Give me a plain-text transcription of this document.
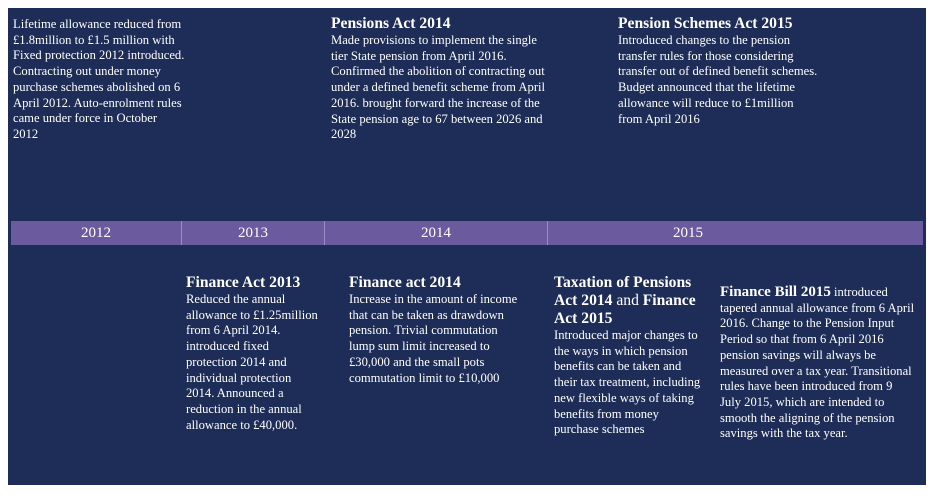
Lifetime allowance reduced from £1.8million to £1.5 million with Fixed protection 2012 introduced. Contracting out under money purchase schemes abolished on 6 April 2012. Auto-enrolment rules came under force in October 2012
Pensions Act 2014
Made provisions to implement the single tier State pension from April 2016. Confirmed the abolition of contracting out under a defined benefit scheme from April 2016. brought forward the increase of the State pension age to 67 between 2026 and 2028
Pension Schemes Act 2015
Introduced changes to the pension transfer rules for those considering transfer out of defined benefit schemes. Budget announced that the lifetime allowance will reduce to £1million from April 2016
2012	2013	2014	2015
Finance Act 2013
Reduced the annual allowance to £1.25million from 6 April 2014. introduced fixed protection 2014 and individual protection 2014. Announced a reduction in the annual allowance to £40,000.
Finance act 2014
Increase in the amount of income that can be taken as drawdown pension. Trivial commutation lump sum limit increased to £30,000 and the small pots commutation limit to £10,000
Taxation of Pensions Act 2014 and Finance Act 2015
Introduced major changes to the ways in which pension benefits can be taken and their tax treatment, including new flexible ways of taking benefits from money purchase schemes
Finance Bill 2015 introduced tapered annual allowance from 6 April 2016. Change to the Pension Input Period so that from 6 April 2016 pension savings will always be measured over a tax year. Transitional rules have been introduced from 9 July 2015, which are intended to smooth the aligning of the pension savings with the tax year.
